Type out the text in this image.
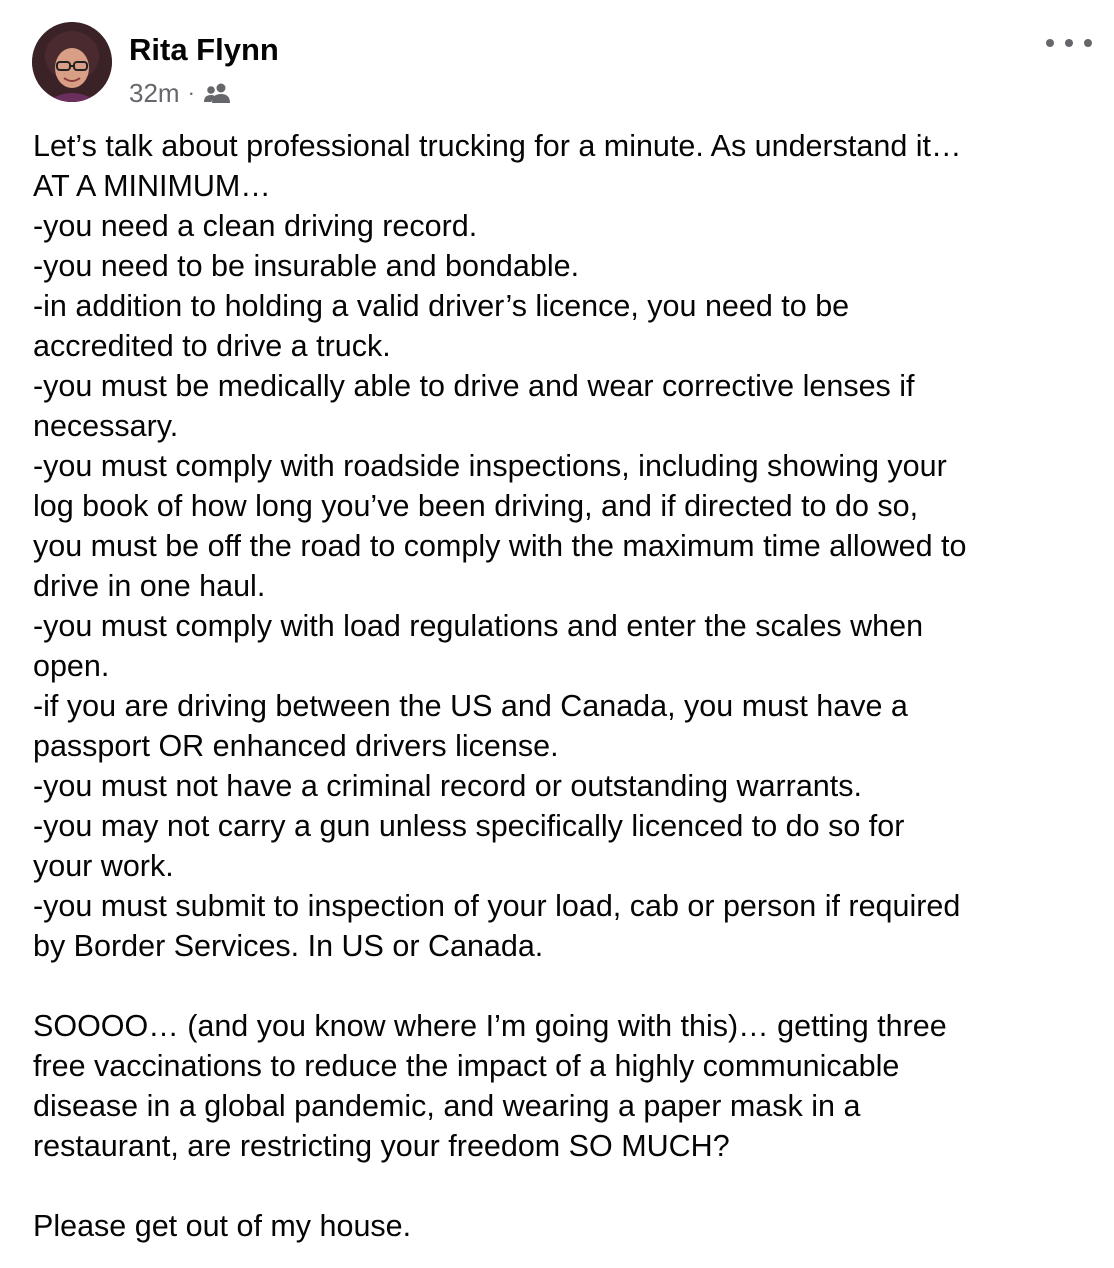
Rita Flynn
32m ·
Let’s talk about professional trucking for a minute. As understand it…
AT A MINIMUM…
-you need a clean driving record.
-you need to be insurable and bondable.
-in addition to holding a valid driver’s licence, you need to be
accredited to drive a truck.
-you must be medically able to drive and wear corrective lenses if
necessary.
-you must comply with roadside inspections, including showing your
log book of how long you’ve been driving, and if directed to do so,
you must be off the road to comply with the maximum time allowed to
drive in one haul.
-you must comply with load regulations and enter the scales when
open.
-if you are driving between the US and Canada, you must have a
passport OR enhanced drivers license.
-you must not have a criminal record or outstanding warrants.
-you may not carry a gun unless specifically licenced to do so for
your work.
-you must submit to inspection of your load, cab or person if required
by Border Services. In US or Canada.
SOOOO… (and you know where I’m going with this)… getting three
free vaccinations to reduce the impact of a highly communicable
disease in a global pandemic, and wearing a paper mask in a
restaurant, are restricting your freedom SO MUCH?
Please get out of my house.
